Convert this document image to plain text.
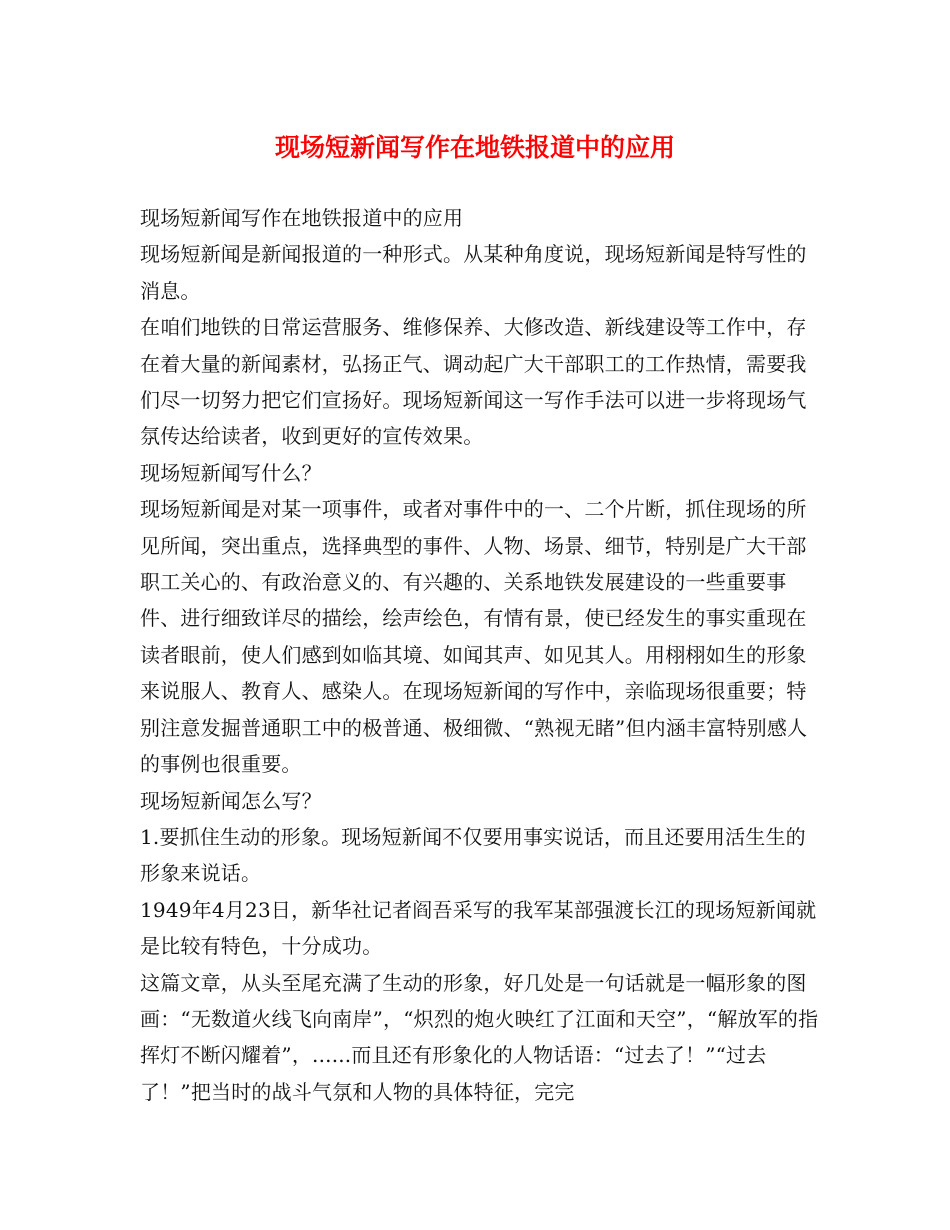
现场短新闻写作在地铁报道中的应用

现场短新闻写作在地铁报道中的应用

现场短新闻是新闻报道的一种形式。从某种角度说，现场短新闻是特写性的消息。

在咱们地铁的日常运营服务、维修保养、大修改造、新线建设等工作中，存在着大量的新闻素材，弘扬正气、调动起广大干部职工的工作热情，需要我们尽一切努力把它们宣扬好。现场短新闻这一写作手法可以进一步将现场气氛传达给读者，收到更好的宣传效果。

现场短新闻写什么？

现场短新闻是对某一项事件，或者对事件中的一、二个片断，抓住现场的所见所闻，突出重点，选择典型的事件、人物、场景、细节，特别是广大干部职工关心的、有政治意义的、有兴趣的、关系地铁发展建设的一些重要事件、进行细致详尽的描绘，绘声绘色，有情有景，使已经发生的事实重现在读者眼前，使人们感到如临其境、如闻其声、如见其人。用栩栩如生的形象来说服人、教育人、感染人。在现场短新闻的写作中，亲临现场很重要；特别注意发掘普通职工中的极普通、极细微、“熟视无睹”但内涵丰富特别感人的事例也很重要。

现场短新闻怎么写？

1.要抓住生动的形象。现场短新闻不仅要用事实说话，而且还要用活生生的形象来说话。

1949年4月23日，新华社记者阎吾采写的我军某部强渡长江的现场短新闻就是比较有特色，十分成功。

这篇文章，从头至尾充满了生动的形象，好几处是一句话就是一幅形象的图画：“无数道火线飞向南岸”，“炽烈的炮火映红了江面和天空”，“解放军的指挥灯不断闪耀着”，......而且还有形象化的人物话语：“过去了！”“过去了！”把当时的战斗气氛和人物的具体特征，完完
